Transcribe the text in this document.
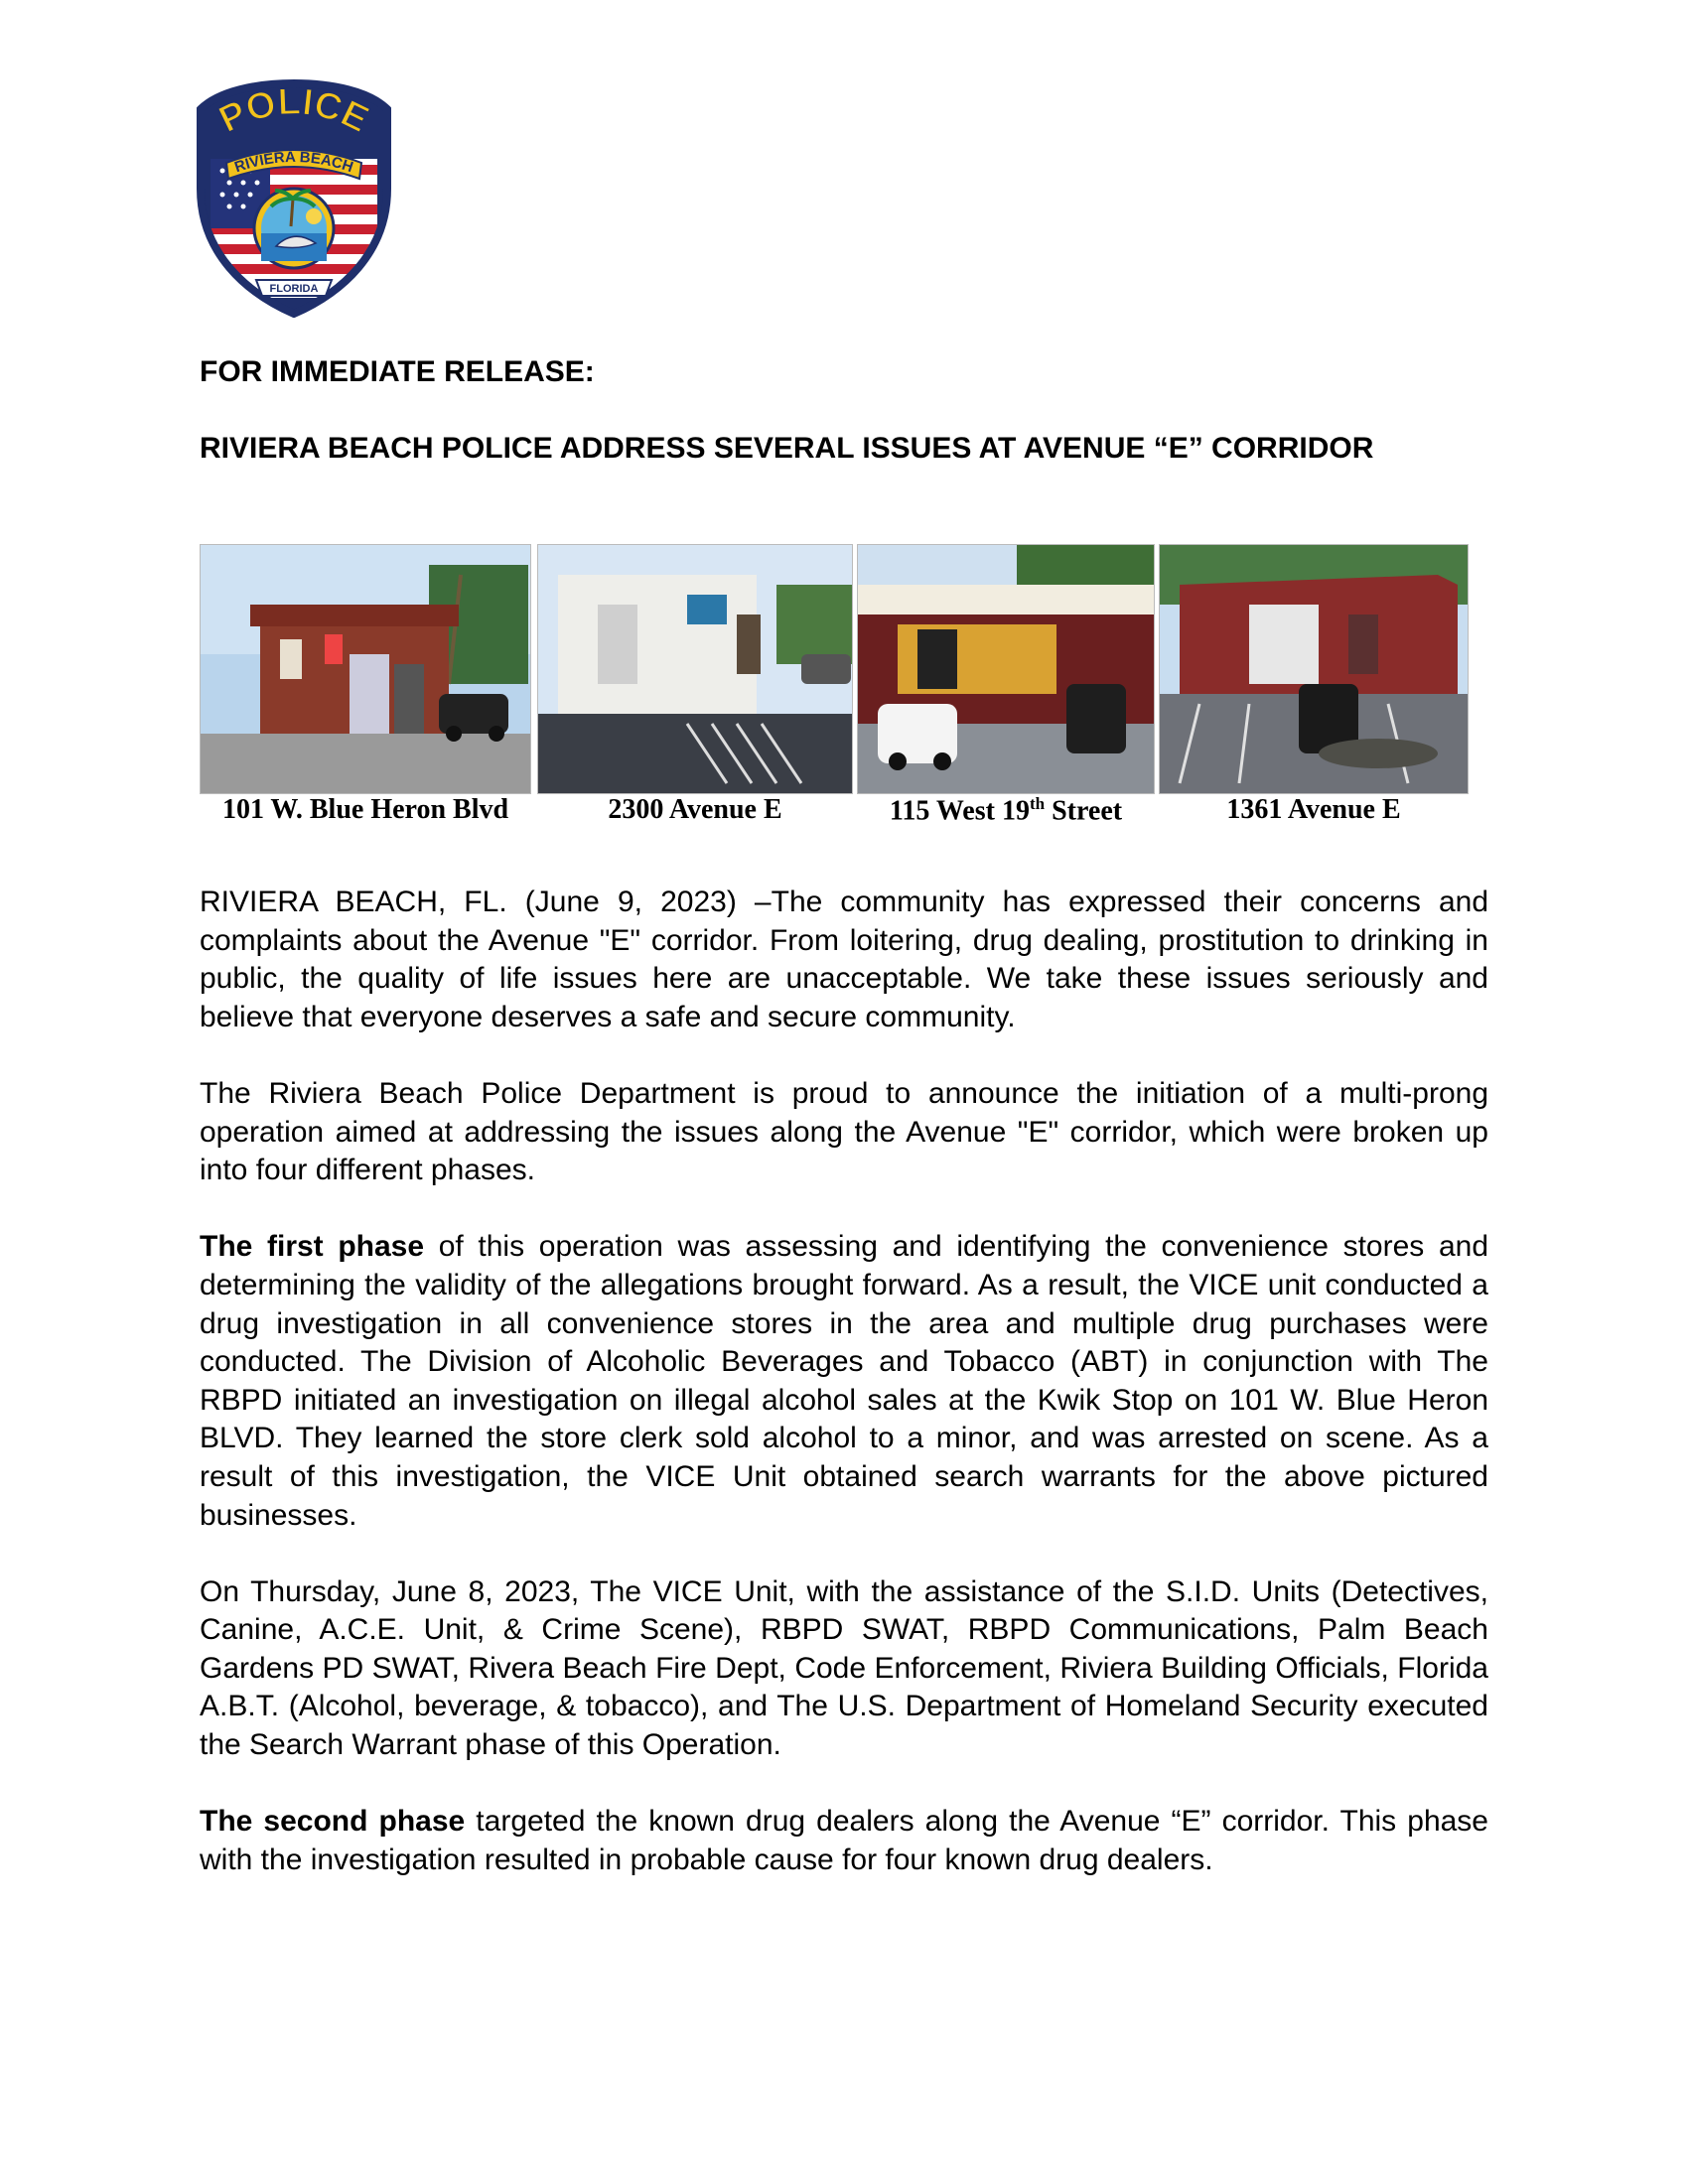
POLICE
RIVIERA BEACH
FLORIDA

FOR IMMEDIATE RELEASE:

RIVIERA BEACH POLICE ADDRESS SEVERAL ISSUES AT AVENUE “E” CORRIDOR

101 W. Blue Heron Blvd	2300 Avenue E	115 West 19th Street	1361 Avenue E

RIVIERA BEACH, FL. (June 9, 2023) –The community has expressed their concerns and complaints about the Avenue "E" corridor. From loitering, drug dealing, prostitution to drinking in public, the quality of life issues here are unacceptable. We take these issues seriously and believe that everyone deserves a safe and secure community.

The Riviera Beach Police Department is proud to announce the initiation of a multi-prong operation aimed at addressing the issues along the Avenue "E" corridor, which were broken up into four different phases.

The first phase of this operation was assessing and identifying the convenience stores and determining the validity of the allegations brought forward. As a result, the VICE unit conducted a drug investigation in all convenience stores in the area and multiple drug purchases were conducted. The Division of Alcoholic Beverages and Tobacco (ABT) in conjunction with The RBPD initiated an investigation on illegal alcohol sales at the Kwik Stop on 101 W. Blue Heron BLVD. They learned the store clerk sold alcohol to a minor, and was arrested on scene. As a result of this investigation, the VICE Unit obtained search warrants for the above pictured businesses.

On Thursday, June 8, 2023, The VICE Unit, with the assistance of the S.I.D. Units (Detectives, Canine, A.C.E. Unit, & Crime Scene), RBPD SWAT, RBPD Communications, Palm Beach Gardens PD SWAT, Rivera Beach Fire Dept, Code Enforcement, Riviera Building Officials, Florida A.B.T. (Alcohol, beverage, & tobacco), and The U.S. Department of Homeland Security executed the Search Warrant phase of this Operation.

The second phase targeted the known drug dealers along the Avenue “E” corridor. This phase with the investigation resulted in probable cause for four known drug dealers.
